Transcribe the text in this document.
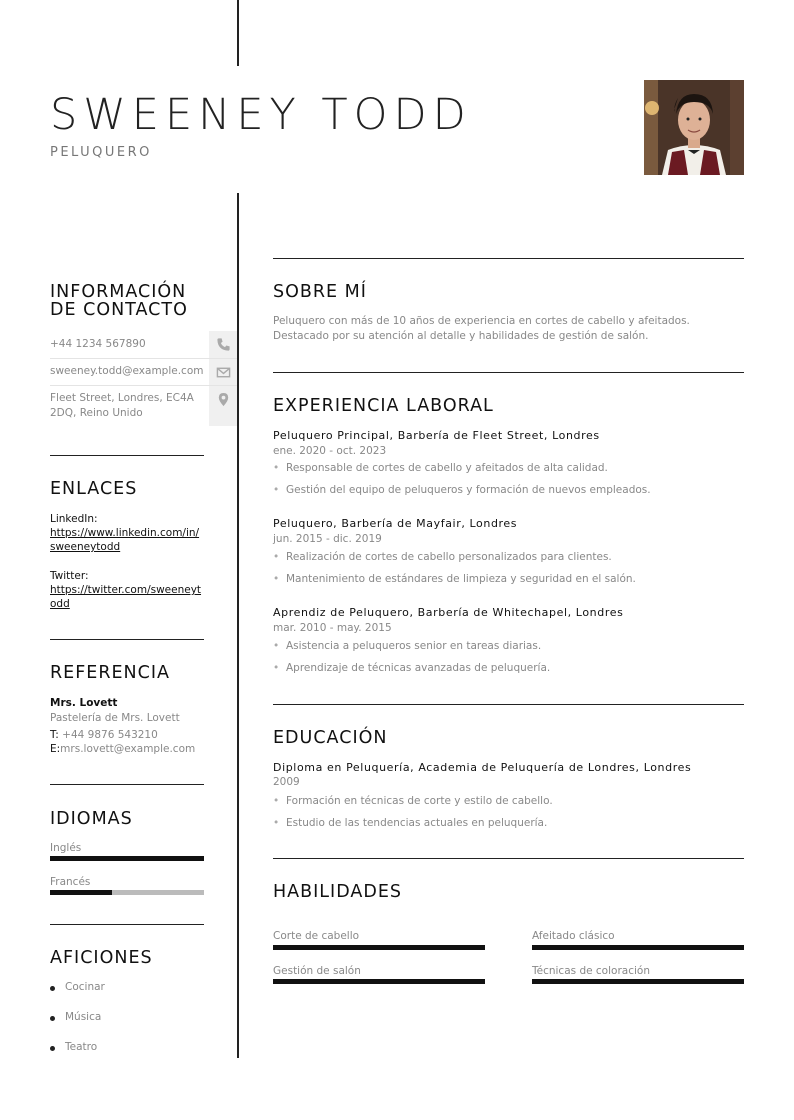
SWEENEY TODD
PELUQUERO
INFORMACIÓN
DE CONTACTO
+44 1234 567890
sweeney.todd@example.com
Fleet Street, Londres, EC4A 2DQ, Reino Unido
ENLACES
LinkedIn:
https://www.linkedin.com/in/sweeneytodd
Twitter:
https://twitter.com/sweeneytodd
REFERENCIA
Mrs. Lovett
Pastelería de Mrs. Lovett
T: +44 9876 543210
E:mrs.lovett@example.com
IDIOMAS
Inglés
Francés
AFICIONES
Cocinar
Música
Teatro
SOBRE MÍ
Peluquero con más de 10 años de experiencia en cortes de cabello y afeitados. Destacado por su atención al detalle y habilidades de gestión de salón.
EXPERIENCIA LABORAL
Peluquero Principal, Barbería de Fleet Street, Londres
ene. 2020 - oct. 2023
• Responsable de cortes de cabello y afeitados de alta calidad.
• Gestión del equipo de peluqueros y formación de nuevos empleados.
Peluquero, Barbería de Mayfair, Londres
jun. 2015 - dic. 2019
• Realización de cortes de cabello personalizados para clientes.
• Mantenimiento de estándares de limpieza y seguridad en el salón.
Aprendiz de Peluquero, Barbería de Whitechapel, Londres
mar. 2010 - may. 2015
• Asistencia a peluqueros senior en tareas diarias.
• Aprendizaje de técnicas avanzadas de peluquería.
EDUCACIÓN
Diploma en Peluquería, Academia de Peluquería de Londres, Londres
2009
• Formación en técnicas de corte y estilo de cabello.
• Estudio de las tendencias actuales en peluquería.
HABILIDADES
Corte de cabello	Afeitado clásico
Gestión de salón	Técnicas de coloración
